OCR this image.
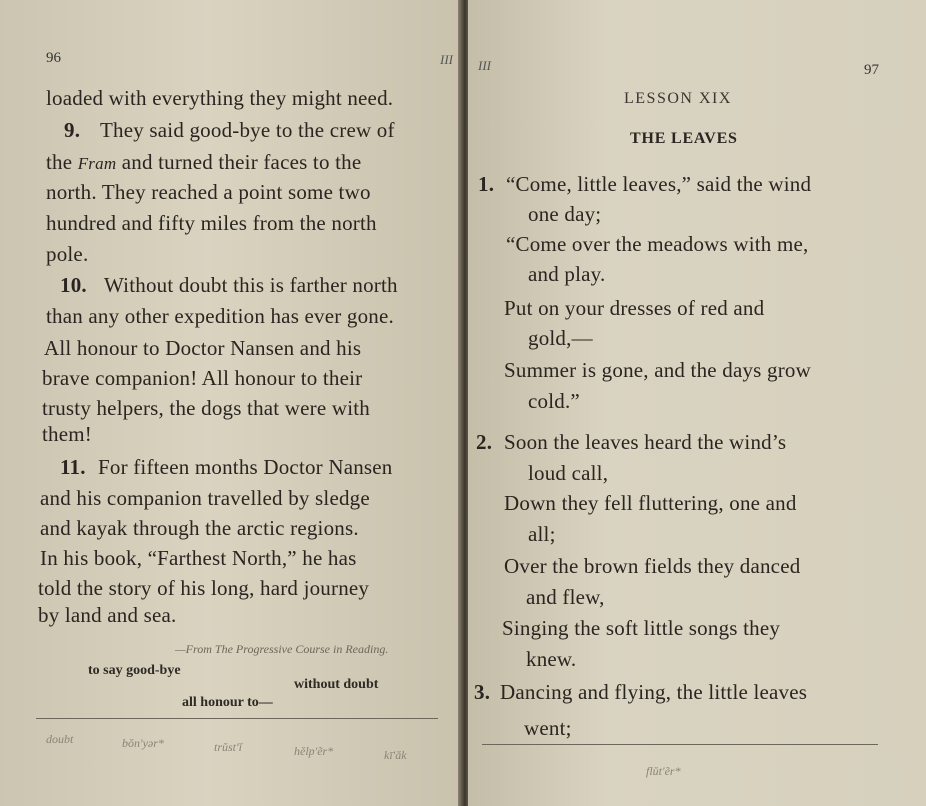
96	III
loaded with everything they might need.
9. They said good-bye to the crew of
the Fram and turned their faces to the
north. They reached a point some two
hundred and fifty miles from the north
pole.
10. Without doubt this is farther north
than any other expedition has ever gone.
All honour to Doctor Nansen and his
brave companion! All honour to their
trusty helpers, the dogs that were with
them!
11. For fifteen months Doctor Nansen
and his companion travelled by sledge
and kayak through the arctic regions.
In his book, “Farthest North,” he has
told the story of his long, hard journey
by land and sea.
—From The Progressive Course in Reading.
to say good-bye
without doubt
all honour to—
doubt	bŏn'yər*	trŭst'ĭ	hĕlp'ẽr*	kī'ăk
III	97
LESSON XIX
THE LEAVES
1. “Come, little leaves,” said the wind
one day;
“Come over the meadows with me,
and play.
Put on your dresses of red and
gold,—
Summer is gone, and the days grow
cold.”
2. Soon the leaves heard the wind’s
loud call,
Down they fell fluttering, one and
all;
Over the brown fields they danced
and flew,
Singing the soft little songs they
knew.
3. Dancing and flying, the little leaves
went;
flŭt'ẽr*
